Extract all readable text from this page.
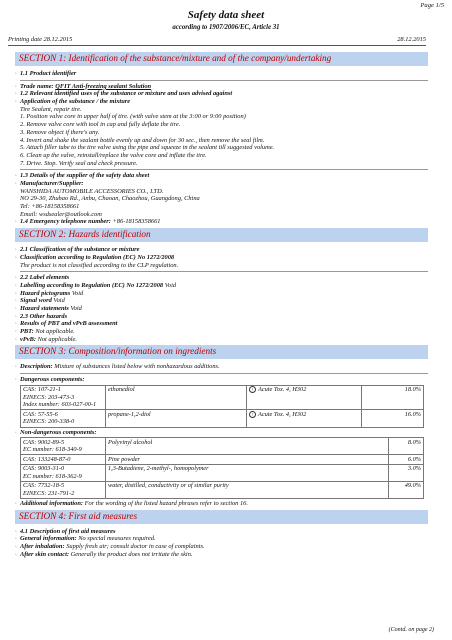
Page 1/5
Safety data sheet
according to 1907/2006/EC, Article 31
Printing date 28.12.2015	28.12.2015
SECTION 1: Identification of the substance/mixture and of the company/undertaking
· 1.1 Product identifier
· Trade name: QFIT Anti-freezing sealant Solution
· 1.2 Relevant identified uses of the substance or mixture and uses advised against
· Application of the substance / the mixture
Tire Sealant, repair tire.
1. Position valve core in upper half of tire. (with valve stem at the 3:00 or 9:00 position)
2. Remove valve core with tool in cap and fully deflate the tire.
3. Remove object if there's any.
4. Invert and shake the sealant bottle evenly up and down for 30 sec., then remove the seal film.
5. Attach filler tube to the tire valve using the pipe and squeeze in the sealant till suggested volume.
6. Clean up the valve, reinstall/replace the valve core and inflate the tire.
7. Drive. Stop. Verify seal and check pressure.
· 1.3 Details of the supplier of the safety data sheet
· Manufacturer/Supplier:
WANSHIDA AUTOMOBILE ACCESSORIES CO., LTD.
NO 29-30, Zhubao Rd., Anbu, Chaoan, Chaozhou, Guangdong, China
Tel: +86-18158358661
Email: wsdsealer@outlook.com
· 1.4 Emergency telephone number: +86-18158358661
SECTION 2: Hazards identification
· 2.1 Classification of the substance or mixture
· Classification according to Regulation (EC) No 1272/2008
The product is not classified according to the CLP regulation.
· 2.2 Label elements
· Labelling according to Regulation (EC) No 1272/2008 Void
· Hazard pictograms Void
· Signal word Void
· Hazard statements Void
· 2.3 Other hazards
· Results of PBT and vPvB assessment
· PBT: Not applicable.
· vPvB: Not applicable.
SECTION 3: Composition/information on ingredients
· Description: Mixture of substances listed below with nonhazardous additions.
· Dangerous components:
CAS: 107-21-1
EINECS: 203-473-3
Index number: 603-027-00-1	ethanediol	! Acute Tox. 4, H302	18.0%

CAS: 57-55-6
EINECS: 200-338-0	propane-1,2-diol	! Acute Tox. 4, H302	16.0%
· Non-dangerous components:
CAS: 9002-89-5
EC number: 618-340-9	Polyvinyl alcohol	8.0%

CAS: 133248-87-0	Pine powder	6.0%

CAS: 9003-31-0
EC number: 618-362-9	1,3-Butadiene, 2-methyl-, homopolymer	3.0%

CAS: 7732-18-5
EINECS: 231-791-2	water, distilled, conductivity or of similar purity	49.0%
· Additional information: For the wording of the listed hazard phrases refer to section 16.
SECTION 4: First aid measures
· 4.1 Description of first aid measures
· General information: No special measures required.
· After inhalation: Supply fresh air; consult doctor in case of complaints.
· After skin contact: Generally the product does not irritate the skin.
(Contd. on page 2)
